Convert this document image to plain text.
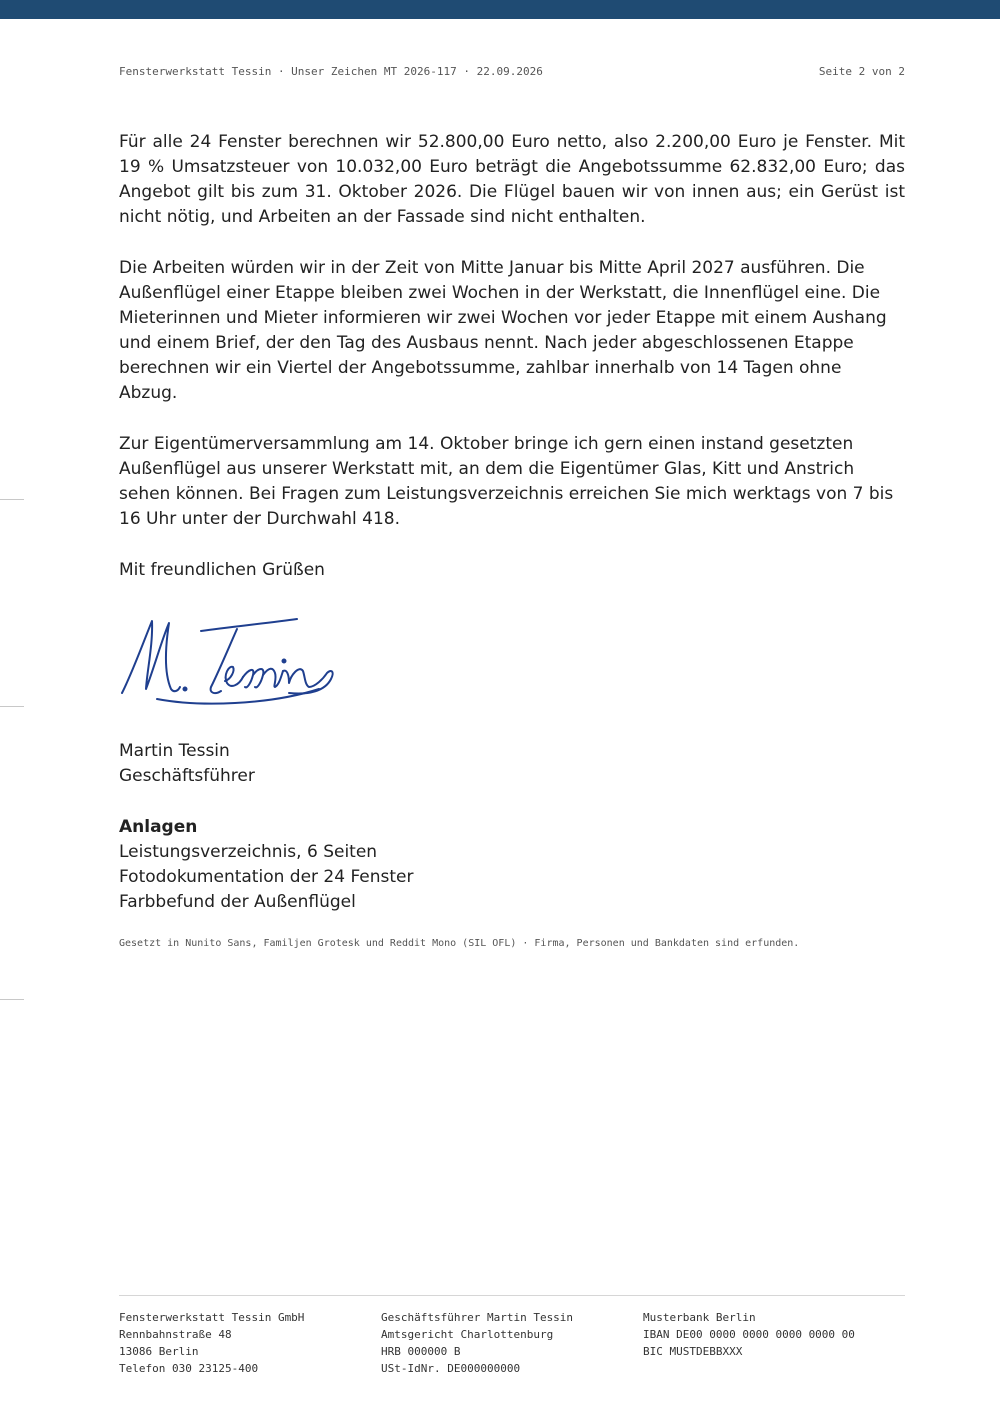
Fensterwerkstatt Tessin · Unser Zeichen MT 2026-117 · 22.09.2026	Seite 2 von 2

Für alle 24 Fenster berechnen wir 52.800,00 Euro netto, also 2.200,00 Euro je Fenster. Mit 19 % Umsatzsteuer von 10.032,00 Euro beträgt die Angebotssumme 62.832,00 Euro; das Angebot gilt bis zum 31. Oktober 2026. Die Flügel bauen wir von innen aus; ein Gerüst ist nicht nötig, und Arbeiten an der Fassade sind nicht enthalten.

Die Arbeiten würden wir in der Zeit von Mitte Januar bis Mitte April 2027 ausführen. Die Außenflügel einer Etappe bleiben zwei Wochen in der Werkstatt, die Innenflügel eine. Die Mieterinnen und Mieter informieren wir zwei Wochen vor jeder Etappe mit einem Aushang und einem Brief, der den Tag des Ausbaus nennt. Nach jeder abgeschlossenen Etappe berechnen wir ein Viertel der Angebotssumme, zahlbar innerhalb von 14 Tagen ohne Abzug.

Zur Eigentümerversammlung am 14. Oktober bringe ich gern einen instand gesetzten Außenflügel aus unserer Werkstatt mit, an dem die Eigentümer Glas, Kitt und Anstrich sehen können. Bei Fragen zum Leistungsverzeichnis erreichen Sie mich werktags von 7 bis 16 Uhr unter der Durchwahl 418.

Mit freundlichen Grüßen

Martin Tessin
Geschäftsführer
Anlagen
Leistungsverzeichnis, 6 Seiten
Fotodokumentation der 24 Fenster
Farbbefund der Außenflügel
Gesetzt in Nunito Sans, Familjen Grotesk und Reddit Mono (SIL OFL) · Firma, Personen und Bankdaten sind erfunden.
Fensterwerkstatt Tessin GmbH
Rennbahnstraße 48
13086 Berlin
Telefon 030 23125-400
Geschäftsführer Martin Tessin
Amtsgericht Charlottenburg
HRB 000000 B
USt-IdNr. DE000000000
Musterbank Berlin
IBAN DE00 0000 0000 0000 0000 00
BIC MUSTDEBBXXX
